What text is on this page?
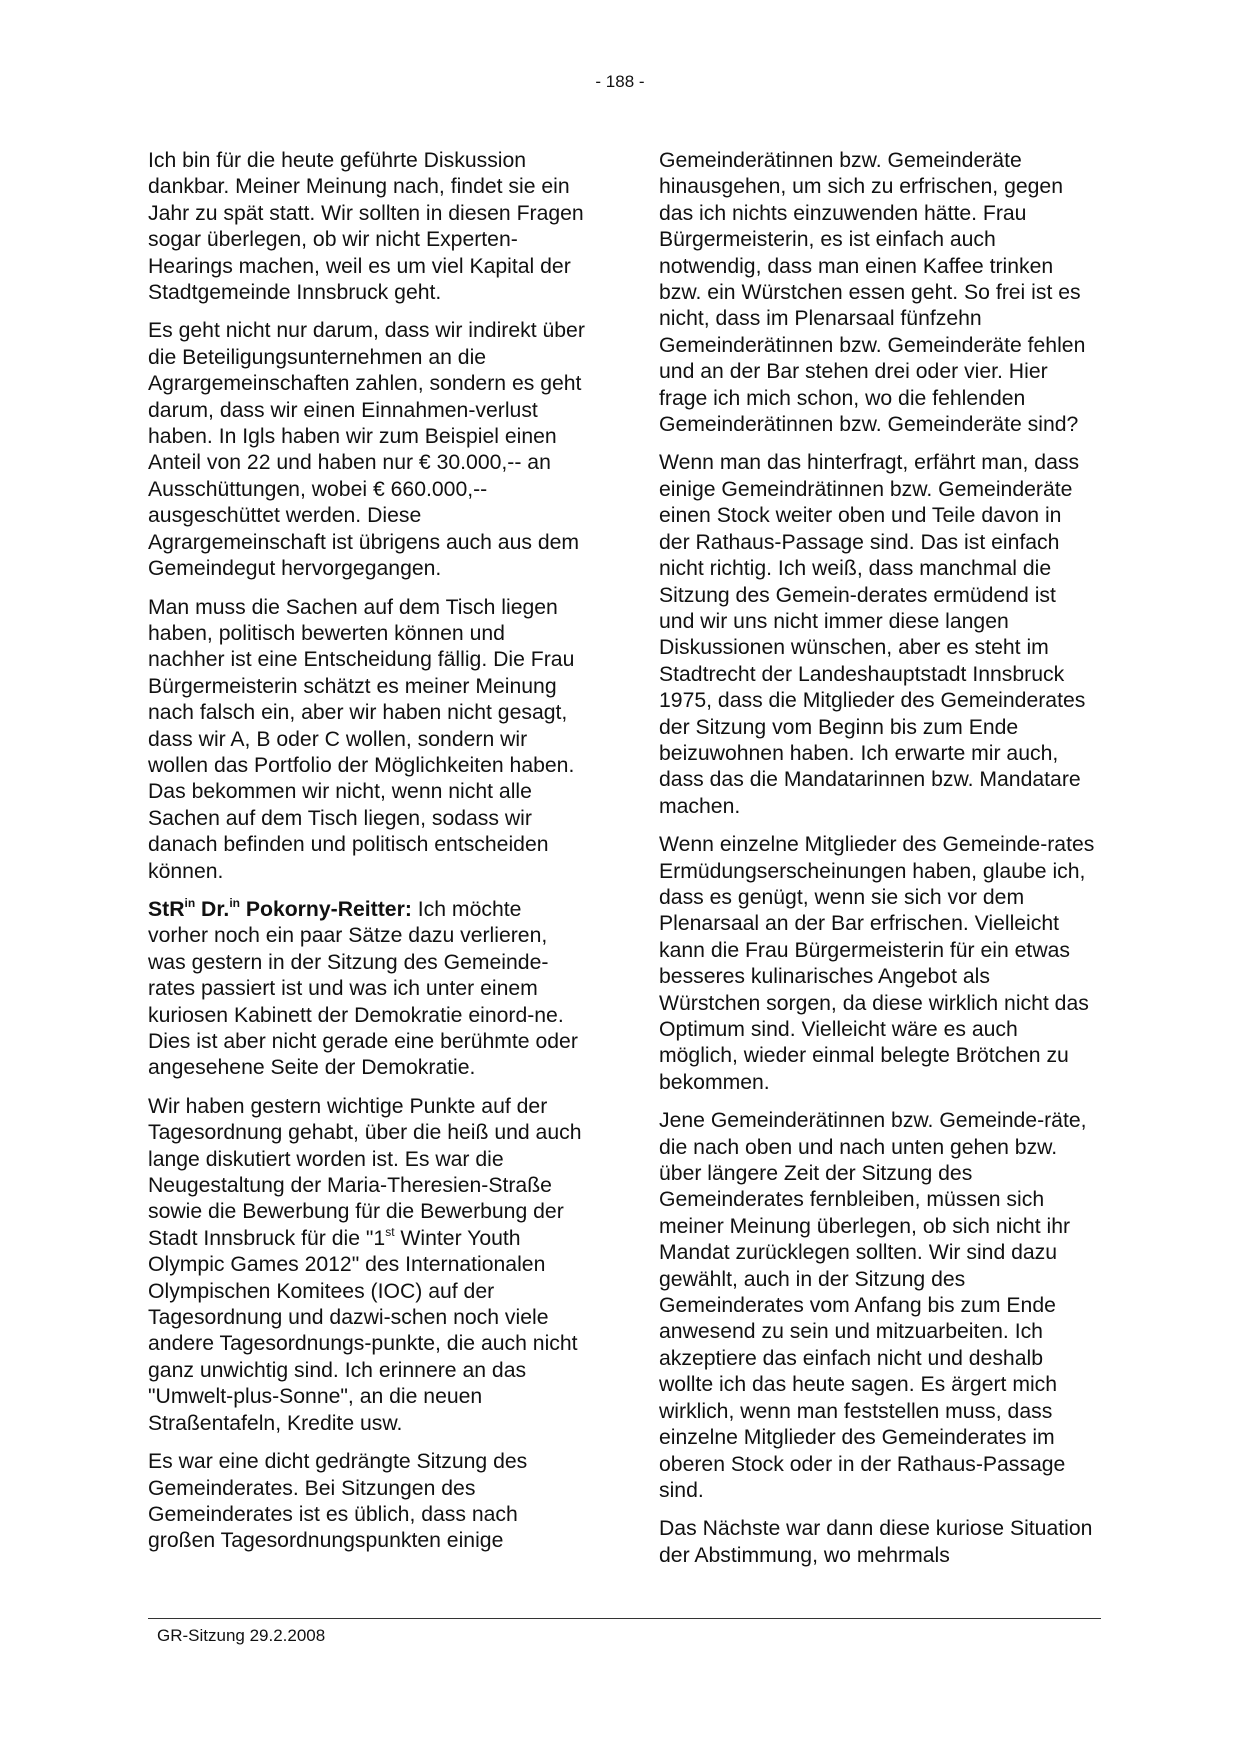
- 188 -

Ich bin für die heute geführte Diskussion dankbar. Meiner Meinung nach, findet sie ein Jahr zu spät statt. Wir sollten in diesen Fragen sogar überlegen, ob wir nicht Experten-Hearings machen, weil es um viel Kapital der Stadtgemeinde Innsbruck geht.

Es geht nicht nur darum, dass wir indirekt über die Beteiligungsunternehmen an die Agrargemeinschaften zahlen, sondern es geht darum, dass wir einen Einnahmen-verlust haben. In Igls haben wir zum Beispiel einen Anteil von 22 und haben nur € 30.000,-- an Ausschüttungen, wobei € 660.000,-- ausgeschüttet werden. Diese Agrargemeinschaft ist übrigens auch aus dem Gemeindegut hervorgegangen.

Man muss die Sachen auf dem Tisch liegen haben, politisch bewerten können und nachher ist eine Entscheidung fällig. Die Frau Bürgermeisterin schätzt es meiner Meinung nach falsch ein, aber wir haben nicht gesagt, dass wir A, B oder C wollen, sondern wir wollen das Portfolio der Möglichkeiten haben. Das bekommen wir nicht, wenn nicht alle Sachen auf dem Tisch liegen, sodass wir danach befinden und politisch entscheiden können.

StR$^{in}$ Dr.$^{in}$ Pokorny-Reitter: Ich möchte vorher noch ein paar Sätze dazu verlieren, was gestern in der Sitzung des Gemeinde-rates passiert ist und was ich unter einem kuriosen Kabinett der Demokratie einord-ne. Dies ist aber nicht gerade eine berühmte oder angesehene Seite der Demokratie.

Wir haben gestern wichtige Punkte auf der Tagesordnung gehabt, über die heiß und auch lange diskutiert worden ist. Es war die Neugestaltung der Maria-Theresien-Straße sowie die Bewerbung für die Bewerbung der Stadt Innsbruck für die "1st Winter Youth Olympic Games 2012" des Internationalen Olympischen Komitees (IOC) auf der Tagesordnung und dazwi-schen noch viele andere Tagesordnungs-punkte, die auch nicht ganz unwichtig sind. Ich erinnere an das "Umwelt-plus-Sonne", an die neuen Straßentafeln, Kredite usw.

Es war eine dicht gedrängte Sitzung des Gemeinderates. Bei Sitzungen des Gemeinderates ist es üblich, dass nach großen Tagesordnungspunkten einige

Gemeinderätinnen bzw. Gemeinderäte hinausgehen, um sich zu erfrischen, gegen das ich nichts einzuwenden hätte. Frau Bürgermeisterin, es ist einfach auch notwendig, dass man einen Kaffee trinken bzw. ein Würstchen essen geht. So frei ist es nicht, dass im Plenarsaal fünfzehn Gemeinderätinnen bzw. Gemeinderäte fehlen und an der Bar stehen drei oder vier. Hier frage ich mich schon, wo die fehlenden Gemeinderätinnen bzw. Gemeinderäte sind?

Wenn man das hinterfragt, erfährt man, dass einige Gemeindrätinnen bzw. Gemeinderäte einen Stock weiter oben und Teile davon in der Rathaus-Passage sind. Das ist einfach nicht richtig. Ich weiß, dass manchmal die Sitzung des Gemein-derates ermüdend ist und wir uns nicht immer diese langen Diskussionen wünschen, aber es steht im Stadtrecht der Landeshauptstadt Innsbruck 1975, dass die Mitglieder des Gemeinderates der Sitzung vom Beginn bis zum Ende beizuwohnen haben. Ich erwarte mir auch, dass das die Mandatarinnen bzw. Mandatare machen.

Wenn einzelne Mitglieder des Gemeinde-rates Ermüdungserscheinungen haben, glaube ich, dass es genügt, wenn sie sich vor dem Plenarsaal an der Bar erfrischen. Vielleicht kann die Frau Bürgermeisterin für ein etwas besseres kulinarisches Angebot als Würstchen sorgen, da diese wirklich nicht das Optimum sind. Vielleicht wäre es auch möglich, wieder einmal belegte Brötchen zu bekommen.

Jene Gemeinderätinnen bzw. Gemeinde-räte, die nach oben und nach unten gehen bzw. über längere Zeit der Sitzung des Gemeinderates fernbleiben, müssen sich meiner Meinung überlegen, ob sich nicht ihr Mandat zurücklegen sollten. Wir sind dazu gewählt, auch in der Sitzung des Gemeinderates vom Anfang bis zum Ende anwesend zu sein und mitzuarbeiten. Ich akzeptiere das einfach nicht und deshalb wollte ich das heute sagen. Es ärgert mich wirklich, wenn man feststellen muss, dass einzelne Mitglieder des Gemeinderates im oberen Stock oder in der Rathaus-Passage sind.

Das Nächste war dann diese kuriose Situation der Abstimmung, wo mehrmals

GR-Sitzung 29.2.2008
